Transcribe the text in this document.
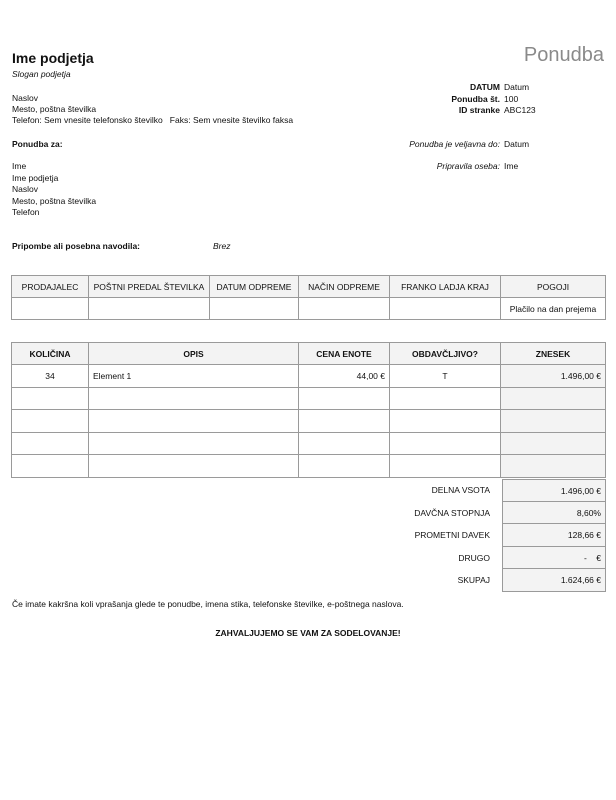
Ime podjetja
Slogan podjetja
Ponudba
Naslov
Mesto, poštna številka
Telefon: Sem vnesite telefonsko številko   Faks: Sem vnesite številko faksa
DATUM Datum
Ponudba št. 100
ID stranke ABC123
Ponudba za:	Ponudba je veljavna do: Datum
Pripravila oseba: Ime
Ime
Ime podjetja
Naslov
Mesto, poštna številka
Telefon
Pripombe ali posebna navodila:	Brez
PRODAJALEC	POŠTNI PREDAL ŠTEVILKA	DATUM ODPREME	NAČIN ODPREME	FRANKO LADJA KRAJ	POGOJI
					Plačilo na dan prejema
KOLIČINA	OPIS	CENA ENOTE	OBDAVČLJIVO?	ZNESEK
34	Element 1	44,00 €	T	1.496,00 €

DELNA VSOTA	1.496,00 €
DAVČNA STOPNJA	8,60%
PROMETNI DAVEK	128,66 €
DRUGO	-    €
SKUPAJ	1.624,66 €
Če imate kakršna koli vprašanja glede te ponudbe, imena stika, telefonske številke, e-poštnega naslova.
ZAHVALJUJEMO SE VAM ZA SODELOVANJE!
